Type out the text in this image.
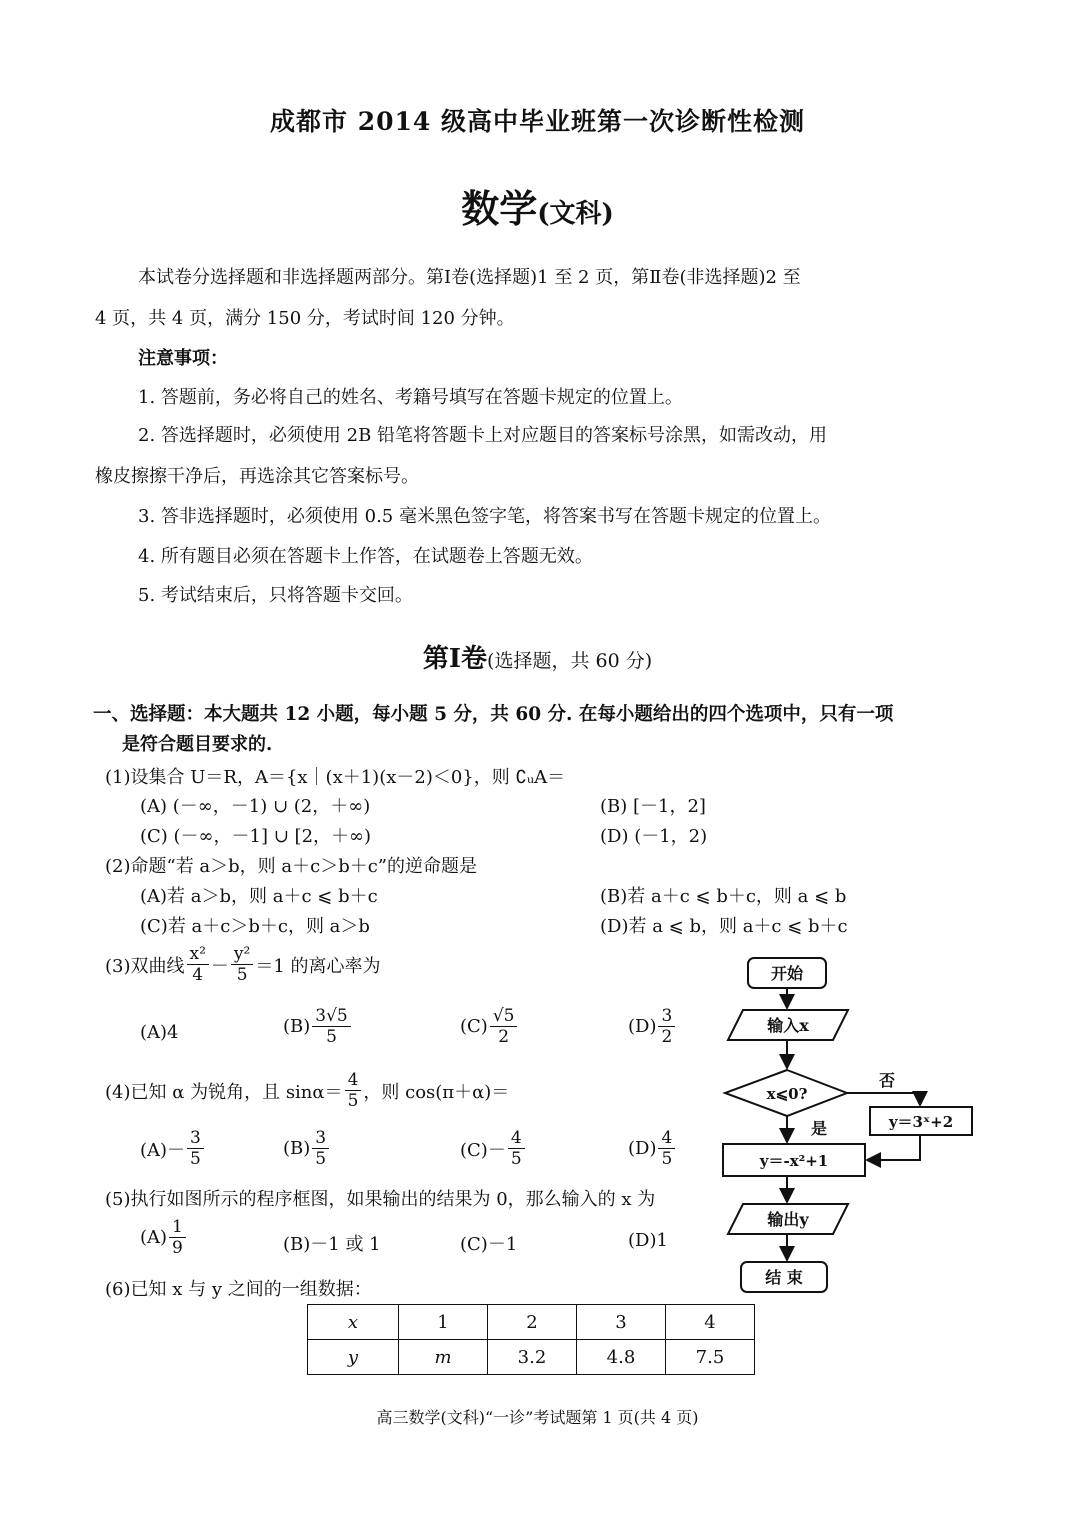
成都市 2014 级高中毕业班第一次诊断性检测
数学(文科)
本试卷分选择题和非选择题两部分。第Ⅰ卷(选择题)1 至 2 页，第Ⅱ卷(非选择题)2 至
4 页，共 4 页，满分 150 分，考试时间 120 分钟。
注意事项：
1. 答题前，务必将自己的姓名、考籍号填写在答题卡规定的位置上。
2. 答选择题时，必须使用 2B 铅笔将答题卡上对应题目的答案标号涂黑，如需改动，用
橡皮擦擦干净后，再选涂其它答案标号。
3. 答非选择题时，必须使用 0.5 毫米黑色签字笔，将答案书写在答题卡规定的位置上。
4. 所有题目必须在答题卡上作答，在试题卷上答题无效。
5. 考试结束后，只将答题卡交回。
第Ⅰ卷(选择题，共 60 分)
一、选择题：本大题共 12 小题，每小题 5 分，共 60 分. 在每小题给出的四个选项中，只有一项
是符合题目要求的.
(1)设集合 U＝R，A＝{x｜(x＋1)(x－2)＜0}，则 ∁ᵤA＝
(A) (－∞，－1) ∪ (2，＋∞)	(B) [－1，2]
(C) (－∞，－1] ∪ [2，＋∞)	(D) (－1，2)
(2)命题“若 a＞b，则 a＋c＞b＋c”的逆命题是
(A)若 a＞b，则 a＋c ⩽ b＋c	(B)若 a＋c ⩽ b＋c，则 a ⩽ b
(C)若 a＋c＞b＋c，则 a＞b	(D)若 a ⩽ b，则 a＋c ⩽ b＋c
(3)双曲线 $\frac{\text{x²}}{4} - \frac{\text{y²}}{5} =1$ 的离心率为
(A)4	$(B) \frac{3√5}{5}$	$(C) \frac{√5}{2}$	$(D) \frac{3}{2}$
(4)已知 α 为锐角，且 $\sin\alpha= \frac{4}{5}$ ，则 cos(π＋α)＝
$(A)- \frac{3}{5}$	$(B) \frac{3}{5}$	$(C)- \frac{4}{5}$	$(D) \frac{4}{5}$
(5)执行如图所示的程序框图，如果输出的结果为 0，那么输入的 x 为
$(A) \frac{1}{9}$	(B)－1 或 1	(C)－1	(D)1
(6)已知 x 与 y 之间的一组数据：
x	1	2	3	4
y	m	3.2	4.8	7.5
开始
输入x
x⩽0?
否
是	y＝3ˣ+2
y＝-x²+1
输出y
结 束
高三数学(文科)“一诊”考试题第 1 页(共 4 页)
